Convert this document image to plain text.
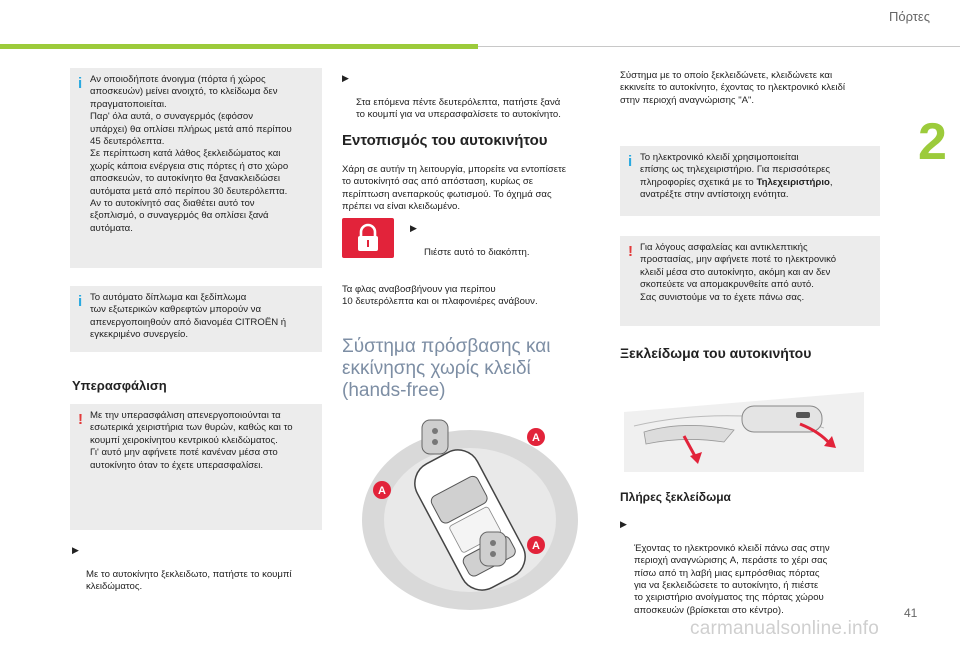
Πόρτες
2
i Αν οποιοδήποτε άνοιγμα (πόρτα ή χώρος
αποσκευών) μείνει ανοιχτό, το κλείδωμα δεν
πραγματοποιείται.
Παρ' όλα αυτά, ο συναγερμός (εφόσον
υπάρχει) θα οπλίσει πλήρως μετά από περίπου
45 δευτερόλεπτα.
Σε περίπτωση κατά λάθος ξεκλειδώματος και
χωρίς κάποια ενέργεια στις πόρτες ή στο χώρο
αποσκευών, το αυτοκίνητο θα ξανακλειδώσει
αυτόματα μετά από περίπου 30 δευτερόλεπτα.
Αν το αυτοκίνητό σας διαθέτει αυτό τον
εξοπλισμό, ο συναγερμός θα οπλίσει ξανά
αυτόματα.

i Το αυτόματο δίπλωμα και ξεδίπλωμα
των εξωτερικών καθρεφτών μπορούν να
απενεργοποιηθούν από διανομέα CITROËN ή
εγκεκριμένο συνεργείο.

Υπερασφάλιση
! Με την υπερασφάλιση απενεργοποιούνται τα
εσωτερικά χειριστήρια των θυρών, καθώς και το
κουμπί χειροκίνητου κεντρικού κλειδώματος.
Γι' αυτό μην αφήνετε ποτέ κανέναν μέσα στο
αυτοκίνητο όταν το έχετε υπερασφαλίσει.

▶

Με το αυτοκίνητο ξεκλειδωτο, πατήστε το κουμπί
κλειδώματος.

▶

Στα επόμενα πέντε δευτερόλεπτα, πατήστε ξανά
το κουμπί για να υπερασφαλίσετε το αυτοκίνητο.

Εντοπισμός του αυτοκινήτου
Χάρη σε αυτήν τη λειτουργία, μπορείτε να εντοπίσετε
το αυτοκίνητό σας από απόσταση, κυρίως σε
περίπτωση ανεπαρκούς φωτισμού. Το όχημά σας
πρέπει να είναι κλειδωμένο.

▶

Πιέστε αυτό το διακόπτη.

Τα φλας αναβοσβήνουν για περίπου
10 δευτερόλεπτα και οι πλαφονιέρες ανάβουν.
Σύστημα πρόσβασης και
εκκίνησης χωρίς κλειδί
(hands-free)
A
A
A
Σύστημα με το οποίο ξεκλειδώνετε, κλειδώνετε και
εκκινείτε το αυτοκίνητο, έχοντας το ηλεκτρονικό κλειδί
στην περιοχή αναγνώρισης "A".
i Το ηλεκτρονικό κλειδί χρησιμοποιείται
επίσης ως τηλεχειριστήριο. Για περισσότερες
πληροφορίες σχετικά με το Τηλεχειριστήριο,
ανατρέξτε στην αντίστοιχη ενότητα.

! Για λόγους ασφαλείας και αντικλεπτικής
προστασίας, μην αφήνετε ποτέ το ηλεκτρονικό
κλειδί μέσα στο αυτοκίνητο, ακόμη και αν δεν
σκοπεύετε να απομακρυνθείτε από αυτό.
Σας συνιστούμε να το έχετε πάνω σας.

Ξεκλείδωμα του αυτοκινήτου
Πλήρες ξεκλείδωμα

▶

Έχοντας το ηλεκτρονικό κλειδί πάνω σας στην
περιοχή αναγνώρισης A, περάστε το χέρι σας
πίσω από τη λαβή μιας εμπρόσθιας πόρτας
για να ξεκλειδώσετε το αυτοκίνητο, ή πιέστε
το χειριστήριο ανοίγματος της πόρτας χώρου
αποσκευών (βρίσκεται στο κέντρο).	41
carmanualsonline.info
